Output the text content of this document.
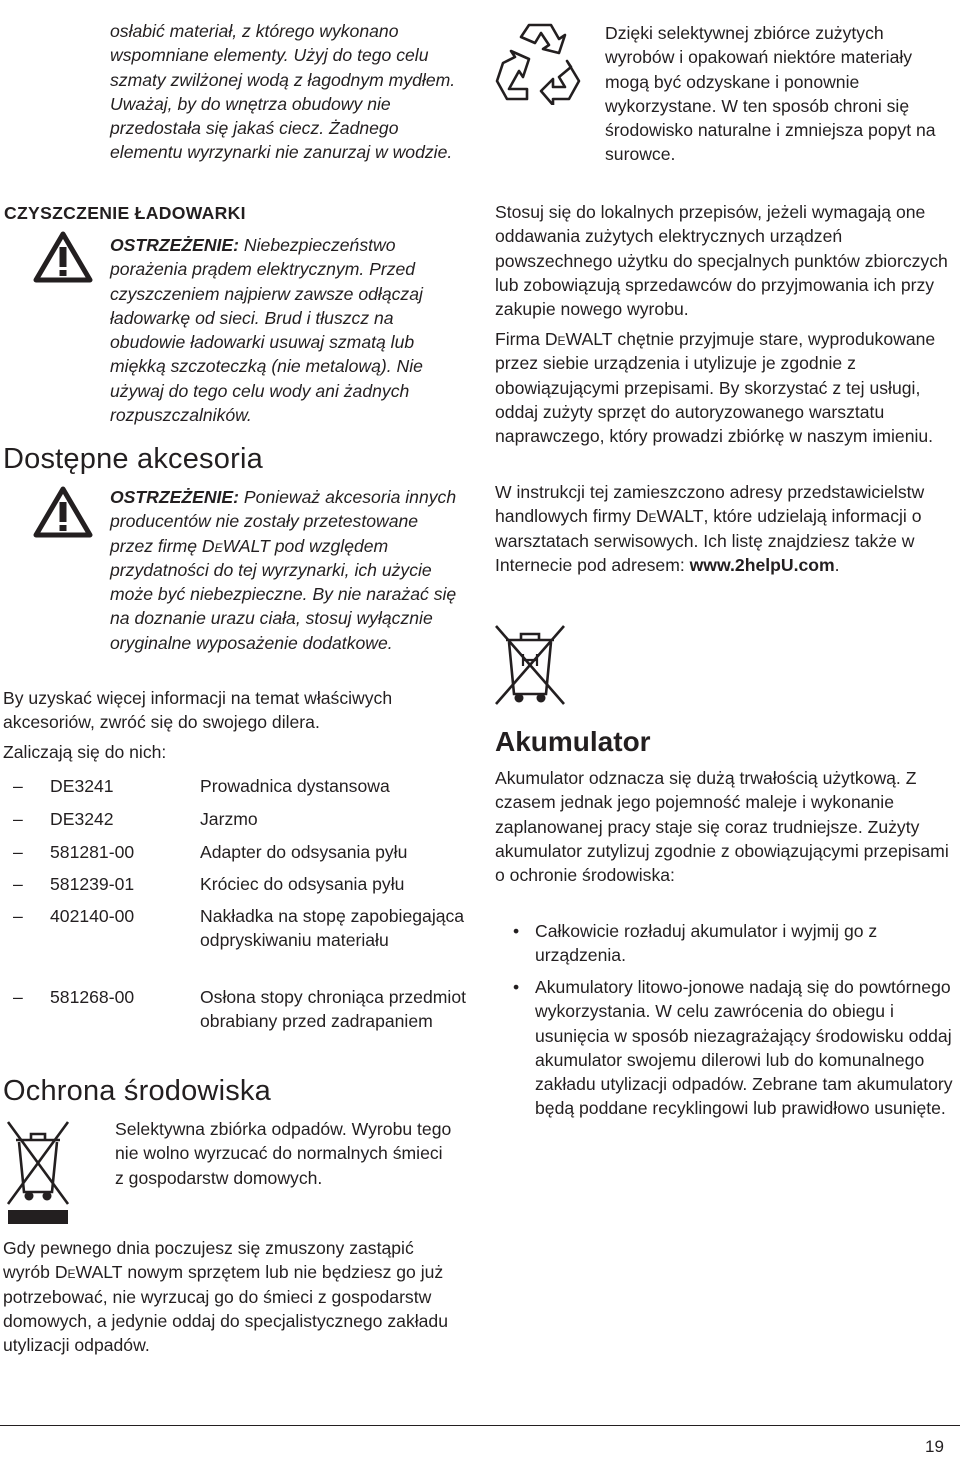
osłabić materiał, z którego wykonano wspomniane elementy. Użyj do tego celu szmaty zwilżonej wodą z łagodnym mydłem. Uważaj, by do wnętrza obudowy nie przedostała się jakaś ciecz. Żadnego elementu wyrzynarki nie zanurzaj w wodzie.

CZYSZCZENIE ŁADOWARKI

OSTRZEŻENIE: Niebezpieczeństwo porażenia prądem elektrycznym. Przed czyszczeniem najpierw zawsze odłączaj ładowarkę od sieci. Brud i tłuszcz na obudowie ładowarki usuwaj szmatą lub miękką szczoteczką (nie metalową). Nie używaj do tego celu wody ani żadnych rozpuszczalników.

Dostępne akcesoria

OSTRZEŻENIE: Ponieważ akcesoria innych producentów nie zostały przetestowane przez firmę DeWALT pod względem przydatności do tej wyrzynarki, ich użycie może być niebezpieczne. By nie narażać się na doznanie urazu ciała, stosuj wyłącznie oryginalne wyposażenie dodatkowe.

By uzyskać więcej informacji na temat właściwych akcesoriów, zwróć się do swojego dilera.

Zaliczają się do nich:

– DE3241	Prowadnica dystansowa
– DE3242	Jarzmo
– 581281-00	Adapter do odsysania pyłu
– 581239-01	Króciec do odsysania pyłu
– 402140-00	Nakładka na stopę zapobiegająca odpryskiwaniu materiału
– 581268-00	Osłona stopy chroniąca przedmiot obrabiany przed zadrapaniem
Ochrona środowiska

Selektywna zbiórka odpadów. Wyrobu tego nie wolno wyrzucać do normalnych śmieci z gospodarstw domowych.

Gdy pewnego dnia poczujesz się zmuszony zastąpić wyrób DeWALT nowym sprzętem lub nie będziesz go już potrzebować, nie wyrzucaj go do śmieci z gospodarstw domowych, a jedynie oddaj do specjalistycznego zakładu utylizacji odpadów.

Dzięki selektywnej zbiórce zużytych wyrobów i opakowań niektóre materiały mogą być odzyskane i ponownie wykorzystane. W ten sposób chroni się środowisko naturalne i zmniejsza popyt na surowce.

Stosuj się do lokalnych przepisów, jeżeli wymagają one oddawania zużytych elektrycznych urządzeń powszechnego użytku do specjalnych punktów zbiorczych lub zobowiązują sprzedawców do przyjmowania ich przy zakupie nowego wyrobu.

Firma DeWALT chętnie przyjmuje stare, wyprodukowane przez siebie urządzenia i utylizuje je zgodnie z obowiązującymi przepisami. By skorzystać z tej usługi, oddaj zużyty sprzęt do autoryzowanego warsztatu naprawczego, który prowadzi zbiórkę w naszym imieniu.

W instrukcji tej zamieszczono adresy przedstawicielstw handlowych firmy DeWALT, które udzielają informacji o warsztatach serwisowych. Ich listę znajdziesz także w Internecie pod adresem: www.2helpU.com.

Akumulator

Akumulator odznacza się dużą trwałością użytkową. Z czasem jednak jego pojemność maleje i wykonanie zaplanowanej pracy staje się coraz trudniejsze. Zużyty akumulator zutylizuj zgodnie z obowiązującymi przepisami o ochronie środowiska:

• Całkowicie rozładuj akumulator i wyjmij go z urządzenia.
• Akumulatory litowo-jonowe nadają się do powtórnego wykorzystania. W celu zawrócenia do obiegu i usunięcia w sposób niezagrażający środowisku oddaj akumulator swojemu dilerowi lub do komunalnego zakładu utylizacji odpadów. Zebrane tam akumulatory będą poddane recyklingowi lub prawidłowo usunięte.
19
